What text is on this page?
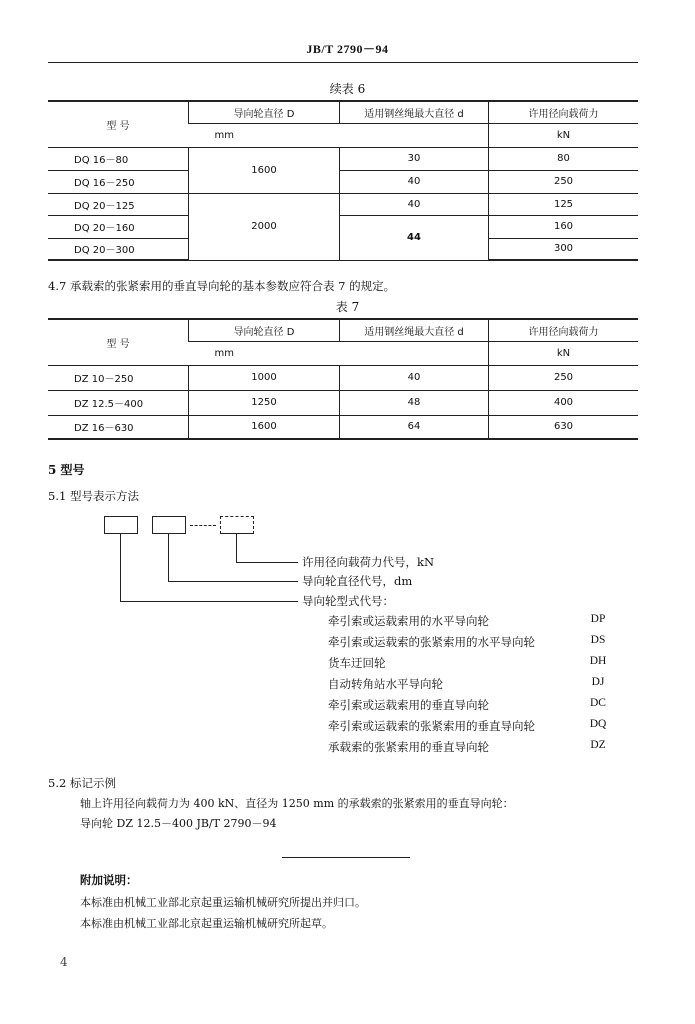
JB/T 2790－94
续表 6
型 号	导向轮直径 D	适用钢丝绳最大直径 d	许用径向载荷力
	mm		kN
DQ 16－80	1600	30	80
DQ 16－250		40	250
DQ 20－125	2000	40	125
DQ 20－160		44	160
DQ 20－300			300
4.7 承载索的张紧索用的垂直导向轮的基本参数应符合表 7 的规定。
表 7
型 号	导向轮直径 D	适用钢丝绳最大直径 d	许用径向载荷力
	mm		kN
DZ 10－250	1000	40	250
DZ 12.5－400	1250	48	400
DZ 16－630	1600	64	630
5 型号
5.1 型号表示方法
许用径向载荷力代号，kN
导向轮直径代号，dm
导向轮型式代号：
牵引索或运载索用的水平导向轮	DP
牵引索或运载索的张紧索用的水平导向轮	DS
货车迂回轮	DH
自动转角站水平导向轮	DJ
牵引索或运载索用的垂直导向轮	DC
牵引索或运载索的张紧索用的垂直导向轮	DQ
承载索的张紧索用的垂直导向轮	DZ
5.2 标记示例
轴上许用径向载荷力为 400 kN、直径为 1250 mm 的承载索的张紧索用的垂直导向轮：
导向轮 DZ 12.5－400 JB/T 2790－94
附加说明：
本标准由机械工业部北京起重运输机械研究所提出并归口。
本标准由机械工业部北京起重运输机械研究所起草。
4
